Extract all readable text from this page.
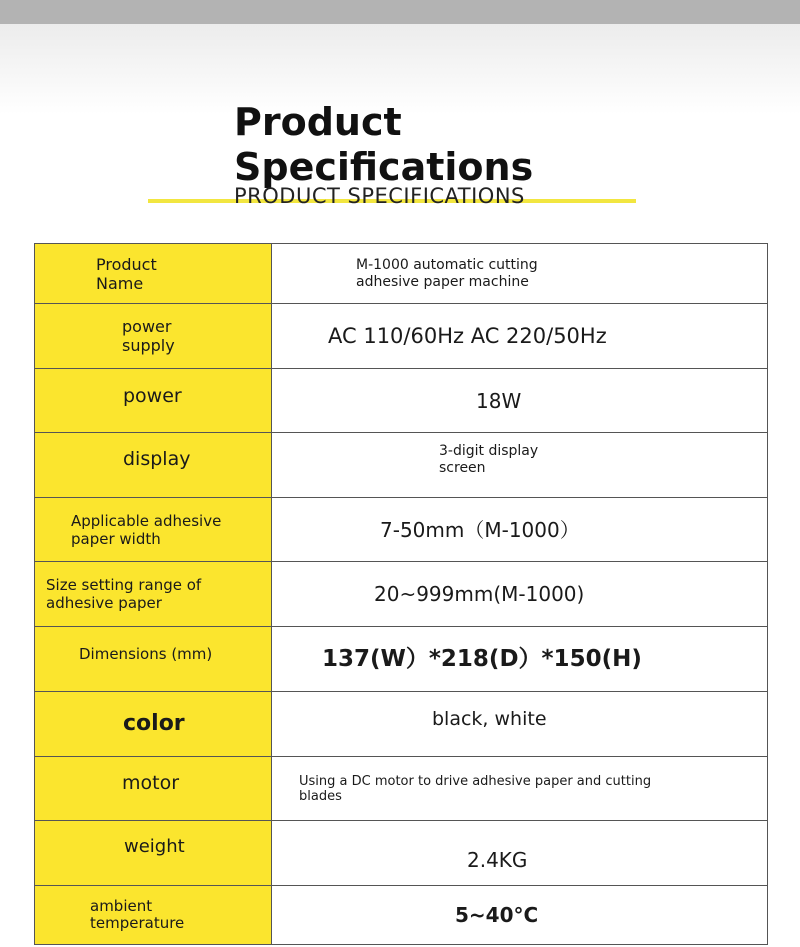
Product
Specifications
PRODUCT SPECIFICATIONS
Product
Name	M-1000 automatic cutting
adhesive paper machine

power
supply	AC 110/60Hz AC 220/50Hz

power	18W

display	3-digit display
screen

Applicable adhesive
paper width	7-50mm（M-1000）

Size setting range of
adhesive paper	20~999mm(M-1000)

Dimensions (mm)	137(W）*218(D）*150(H)

color	black, white

motor	Using a DC motor to drive adhesive paper and cutting
blades

weight	2.4KG

ambient
temperature	5~40°C
